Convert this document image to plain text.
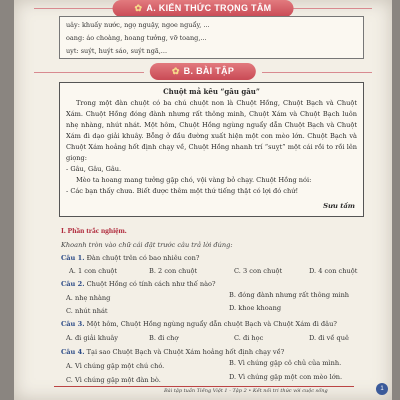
✿ A. KIẾN THỨC TRỌNG TÂM
uây: khuấy nước, ngọ nguậy, ngoe nguẩy, ...
oang: áo choàng, hoang tưởng, vỡ toang,...
uyt: suýt, huýt sáo, suýt ngã,...
✿ B. BÀI TẬP
Chuột mả kêu “gâu gâu”

Trong một đàn chuột có ba chú chuột non là Chuột Hồng, Chuột Bạch và Chuột Xám. Chuột Hồng đóng đành nhưng rất thông minh, Chuột Xám và Chuột Bạch luôn nhẹ nhàng, nhút nhát. Một hôm, Chuột Hồng ngùng nguẩy dẫn Chuột Bạch và Chuột Xám đi dạo giải khuây. Bỗng ở đầu đường xuất hiện một con mèo lớn. Chuột Bạch và Chuột Xám hoảng hốt định chạy về, Chuột Hồng nhanh trí “suỵt” một cái rồi to rồi lên giọng:

- Gâu, Gâu, Gâu.

Mèo ta hoang mang tưởng gặp chó, vội vàng bỏ chạy. Chuột Hồng nói:

- Các bạn thấy chưa. Biết được thêm một thứ tiếng thật có lợi đó chứ!

Sưu tầm
I. Phần trắc nghiệm.
Khoanh tròn vào chữ cái đặt trước câu trả lời đúng:
Câu 1. Đàn chuột trên có bao nhiêu con?
A. 1 con chuột	B. 2 con chuột	C. 3 con chuột	D. 4 con chuột
Câu 2. Chuột Hồng có tính cách như thế nào?
A. nhẹ nhàng	B. đóng đành nhưng rất thông minh
C. nhút nhát	D. khoe khoang
Câu 3. Một hôm, Chuột Hồng ngùng nguẩy dẫn chuột Bạch và Chuột Xám đi đâu?
A. đi giải khuây	B. đi chợ	C. đi học	D. đi về quê
Câu 4. Tại sao Chuột Bạch và Chuột Xám hoảng hốt định chạy về?
A. Vì chúng gặp một chú chó.	B. Vì chúng gặp cô chủ của mình.
C. Vì chúng gặp một đàn bò.	D. Vì chúng gặp một con mèo lớn.
Bài tập tuần Tiếng Việt 1 - Tập 2 • Kết nối tri thức với cuộc sống	1
